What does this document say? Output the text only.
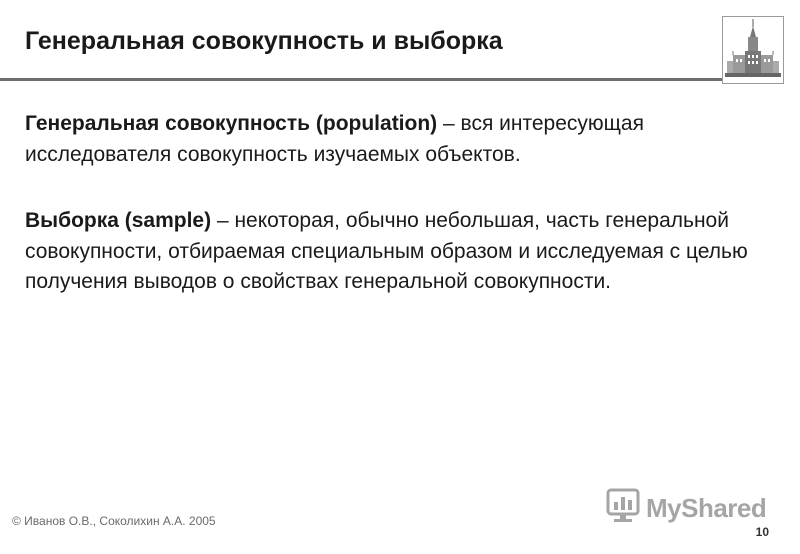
Генеральная совокупность и выборка
Генеральная совокупность (population) – вся интересующая исследователя совокупность изучаемых объектов.
Выборка (sample) – некоторая, обычно небольшая, часть генеральной совокупности, отбираемая специальным образом и исследуемая с целью получения выводов о свойствах генеральной совокупности.
© Иванов О.В., Соколихин А.А. 2005	MyShared
10
